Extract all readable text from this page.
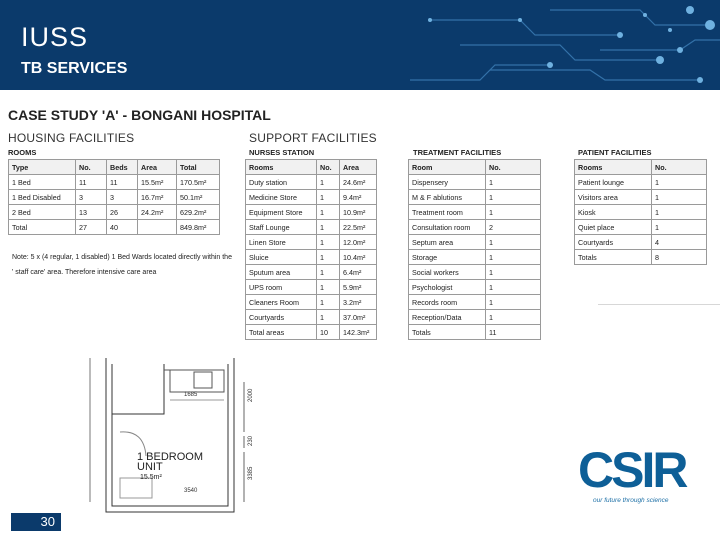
IUSS
TB SERVICES
CASE STUDY 'A' - BONGANI HOSPITAL
HOUSING FACILITIES
ROOMS
Type	No.	Beds	Area	Total
1 Bed	11	11	15.5m²	170.5m²
1 Bed Disabled	3	3	16.7m²	50.1m²
2 Bed	13	26	24.2m²	629.2m²
Total	27	40		849.8m²
Note: 5 x (4 regular, 1 disabled) 1 Bed Wards located directly within the ' staff care' area. Therefore intensive care area
SUPPORT FACILITIES
NURSES STATION
Rooms	No.	Area
Duty station	1	24.6m²
Medicine Store	1	9.4m²
Equipment Store	1	10.9m²
Staff Lounge	1	22.5m²
Linen Store	1	12.0m²
Sluice	1	10.4m²
Sputum area	1	6.4m²
UPS room	1	5.9m²
Cleaners Room	1	3.2m²
Courtyards	1	37.0m²
Total areas	10	142.3m²
TREATMENT FACILITIES
Room	No.
Dispensery	1
M & F ablutions	1
Treatment room	1
Consultation room	2
Septum area	1
Storage	1
Social workers	1
Psychologist	1
Records room	1
Reception/Data	1
Totals	11
PATIENT FACILITIES
Rooms	No.
Patient lounge	1
Visitors area	1
Kiosk	1
Quiet place	1
Courtyards	4
Totals	8
1685
3540
2000
230
3385
1 BEDROOM UNIT
15.5m²	CSIR
our future through science
30
